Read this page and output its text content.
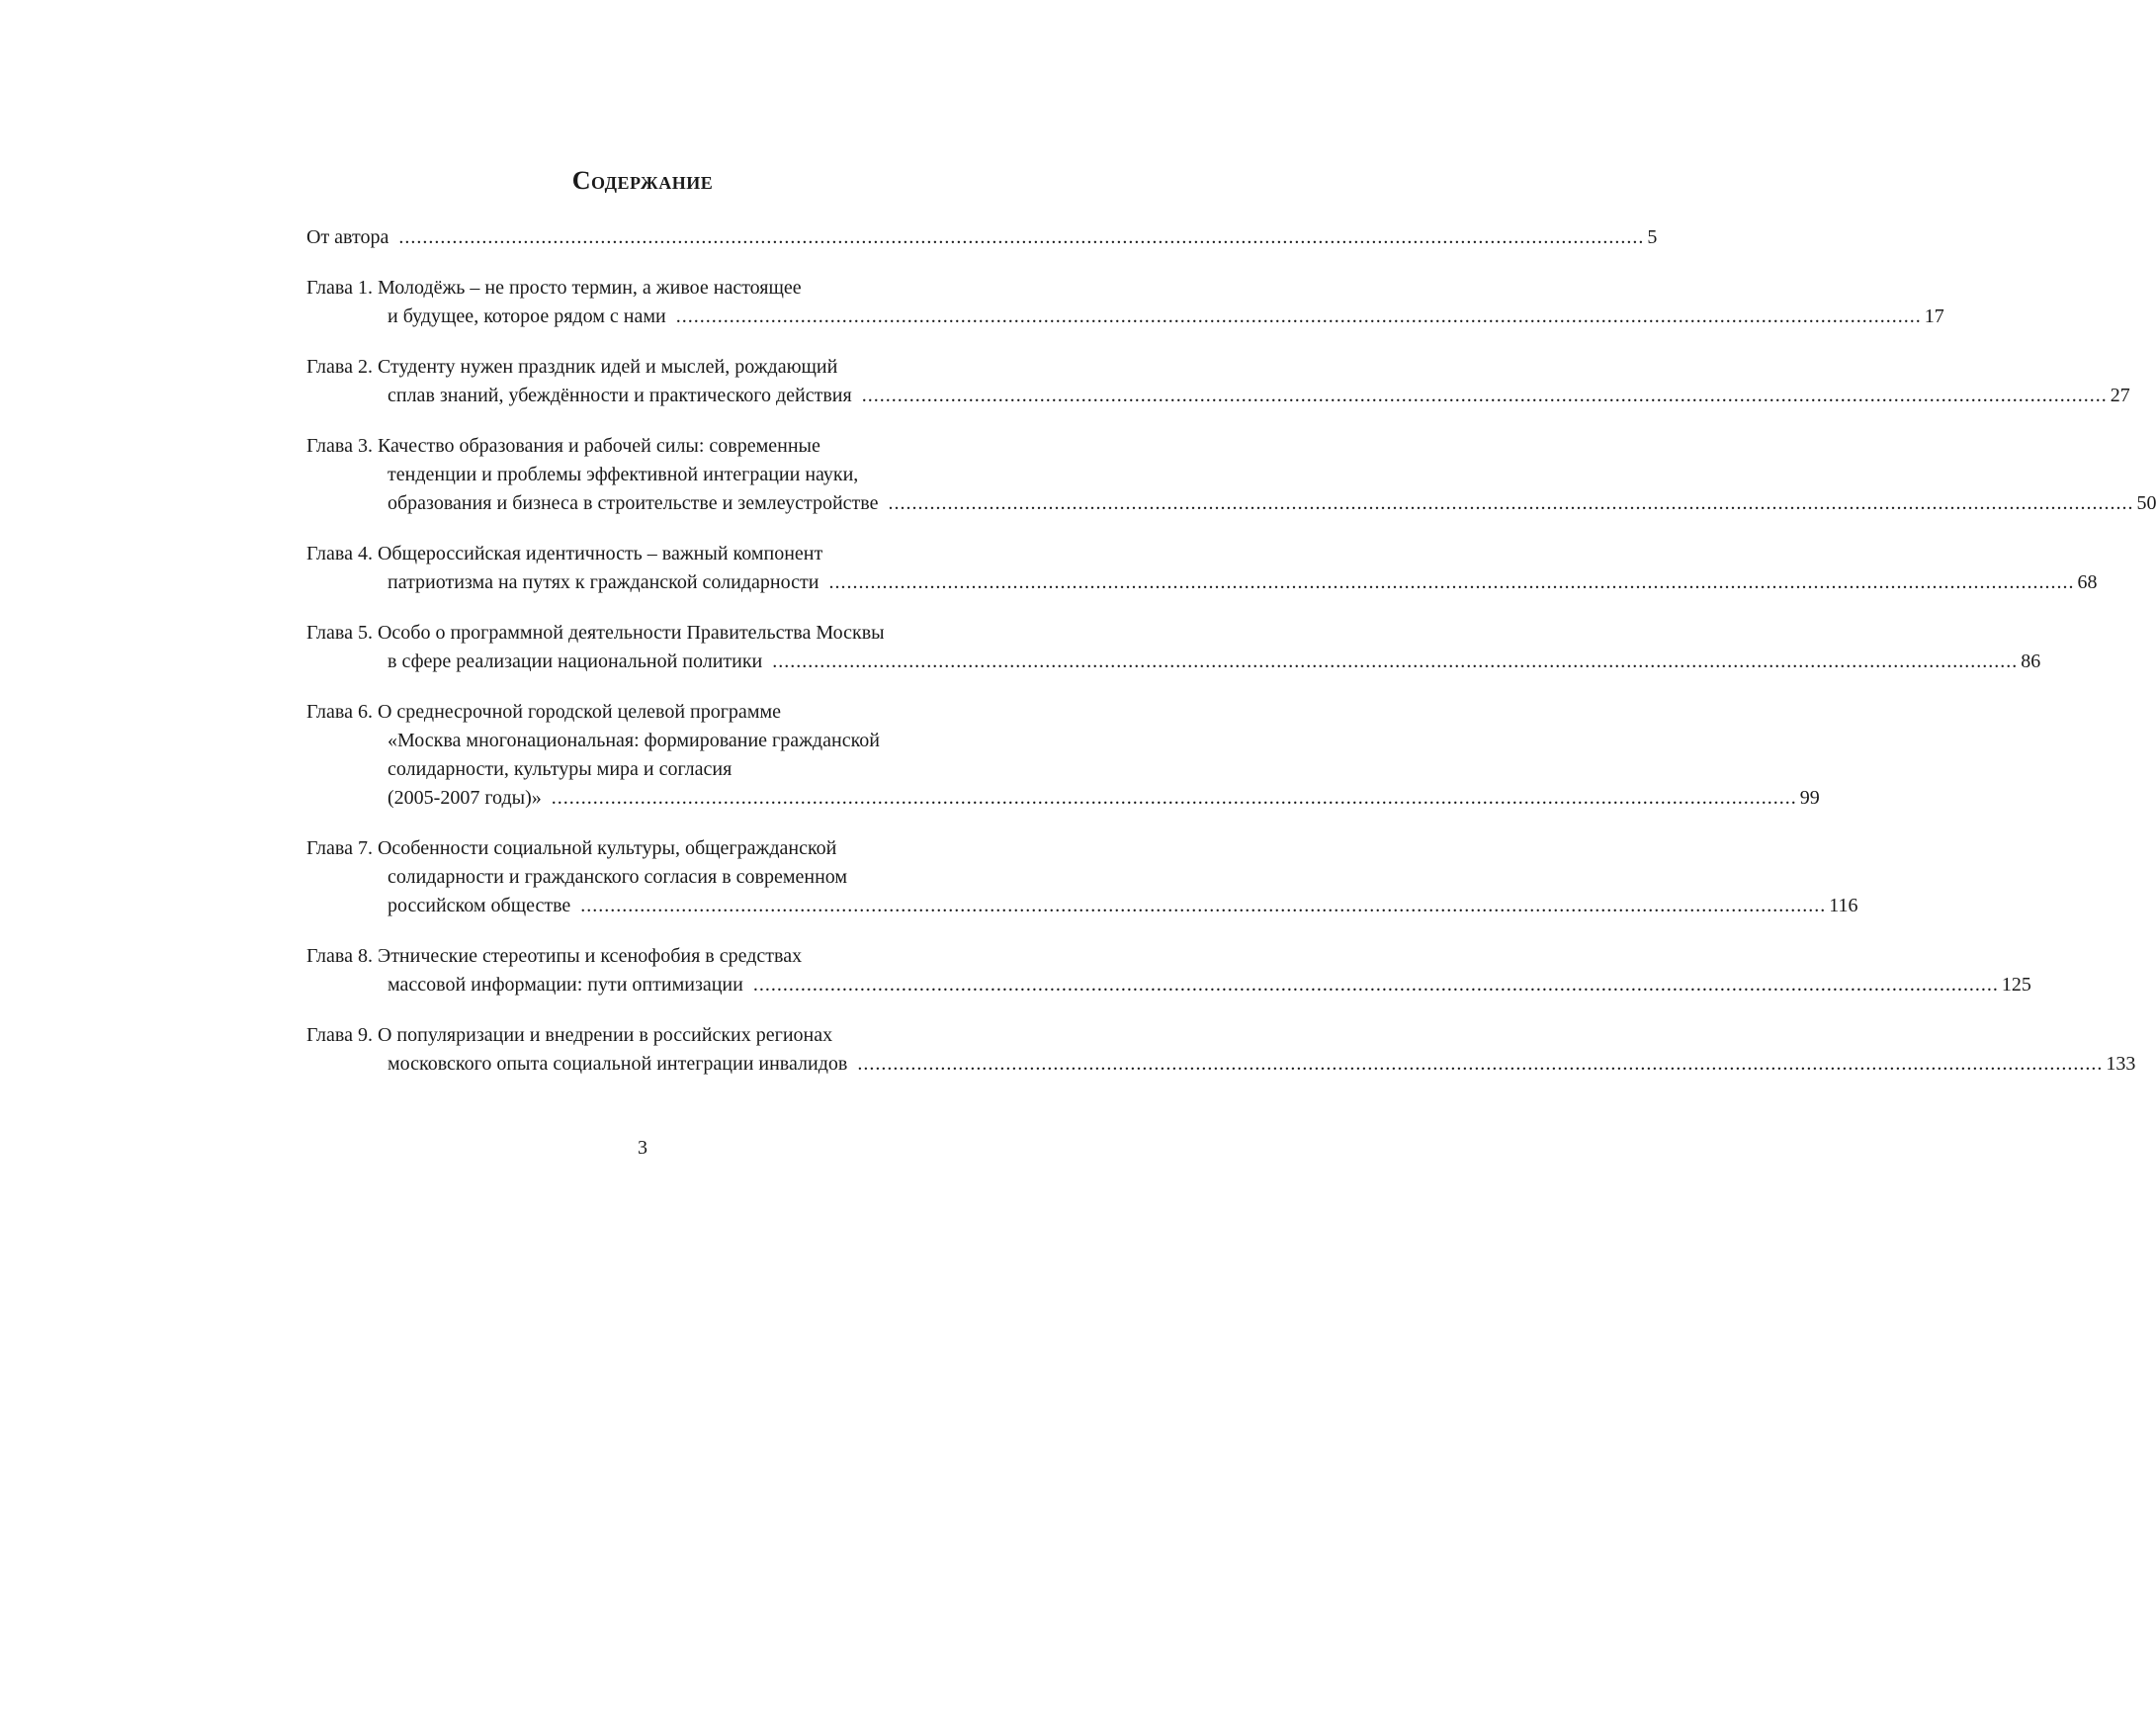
Содержание
От автора .................................................................................................................................................................................................................. 5
Глава 1.
Молодёжь – не просто термин, а живое настоящее
и будущее, которое рядом с нами .................................................................................................................................................................................................................. 17
Глава 2.
Студенту нужен праздник идей и мыслей, рождающий
сплав знаний, убеждённости и практического действия .................................................................................................................................................................................................................. 27
Глава 3.
Качество образования и рабочей силы: современные
тенденции и проблемы эффективной интеграции науки,
образования и бизнеса в строительстве и землеустройстве .................................................................................................................................................................................................................. 50
Глава 4.
Общероссийская идентичность – важный компонент
патриотизма на путях к гражданской солидарности .................................................................................................................................................................................................................. 68
Глава 5.
Особо о программной деятельности Правительства Москвы
в сфере реализации национальной политики .................................................................................................................................................................................................................. 86
Глава 6.
О среднесрочной городской целевой программе
«Москва многонациональная: формирование гражданской
солидарности, культуры мира и согласия
(2005-2007 годы)» .................................................................................................................................................................................................................. 99
Глава 7.
Особенности социальной культуры, общегражданской
солидарности и гражданского согласия в современном
российском обществе .................................................................................................................................................................................................................. 116
Глава 8.
Этнические стереотипы и ксенофобия в средствах
массовой информации: пути оптимизации .................................................................................................................................................................................................................. 125
Глава 9.
О популяризации и внедрении в российских регионах
московского опыта социальной интеграции инвалидов .................................................................................................................................................................................................................. 133
3
